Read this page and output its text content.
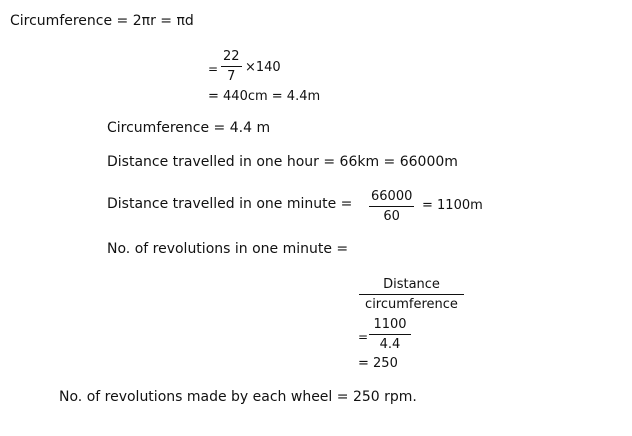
Circumference = 2πr = πd
=
22
7
×140
= 440cm = 4.4m
Circumference = 4.4 m
Distance travelled in one hour = 66km = 66000m
Distance travelled in one minute = 66000
60
= 1100m
No. of revolutions in one minute =
Distance
circumference
=
1100
4.4
= 250
No. of revolutions made by each wheel = 250 rpm.
